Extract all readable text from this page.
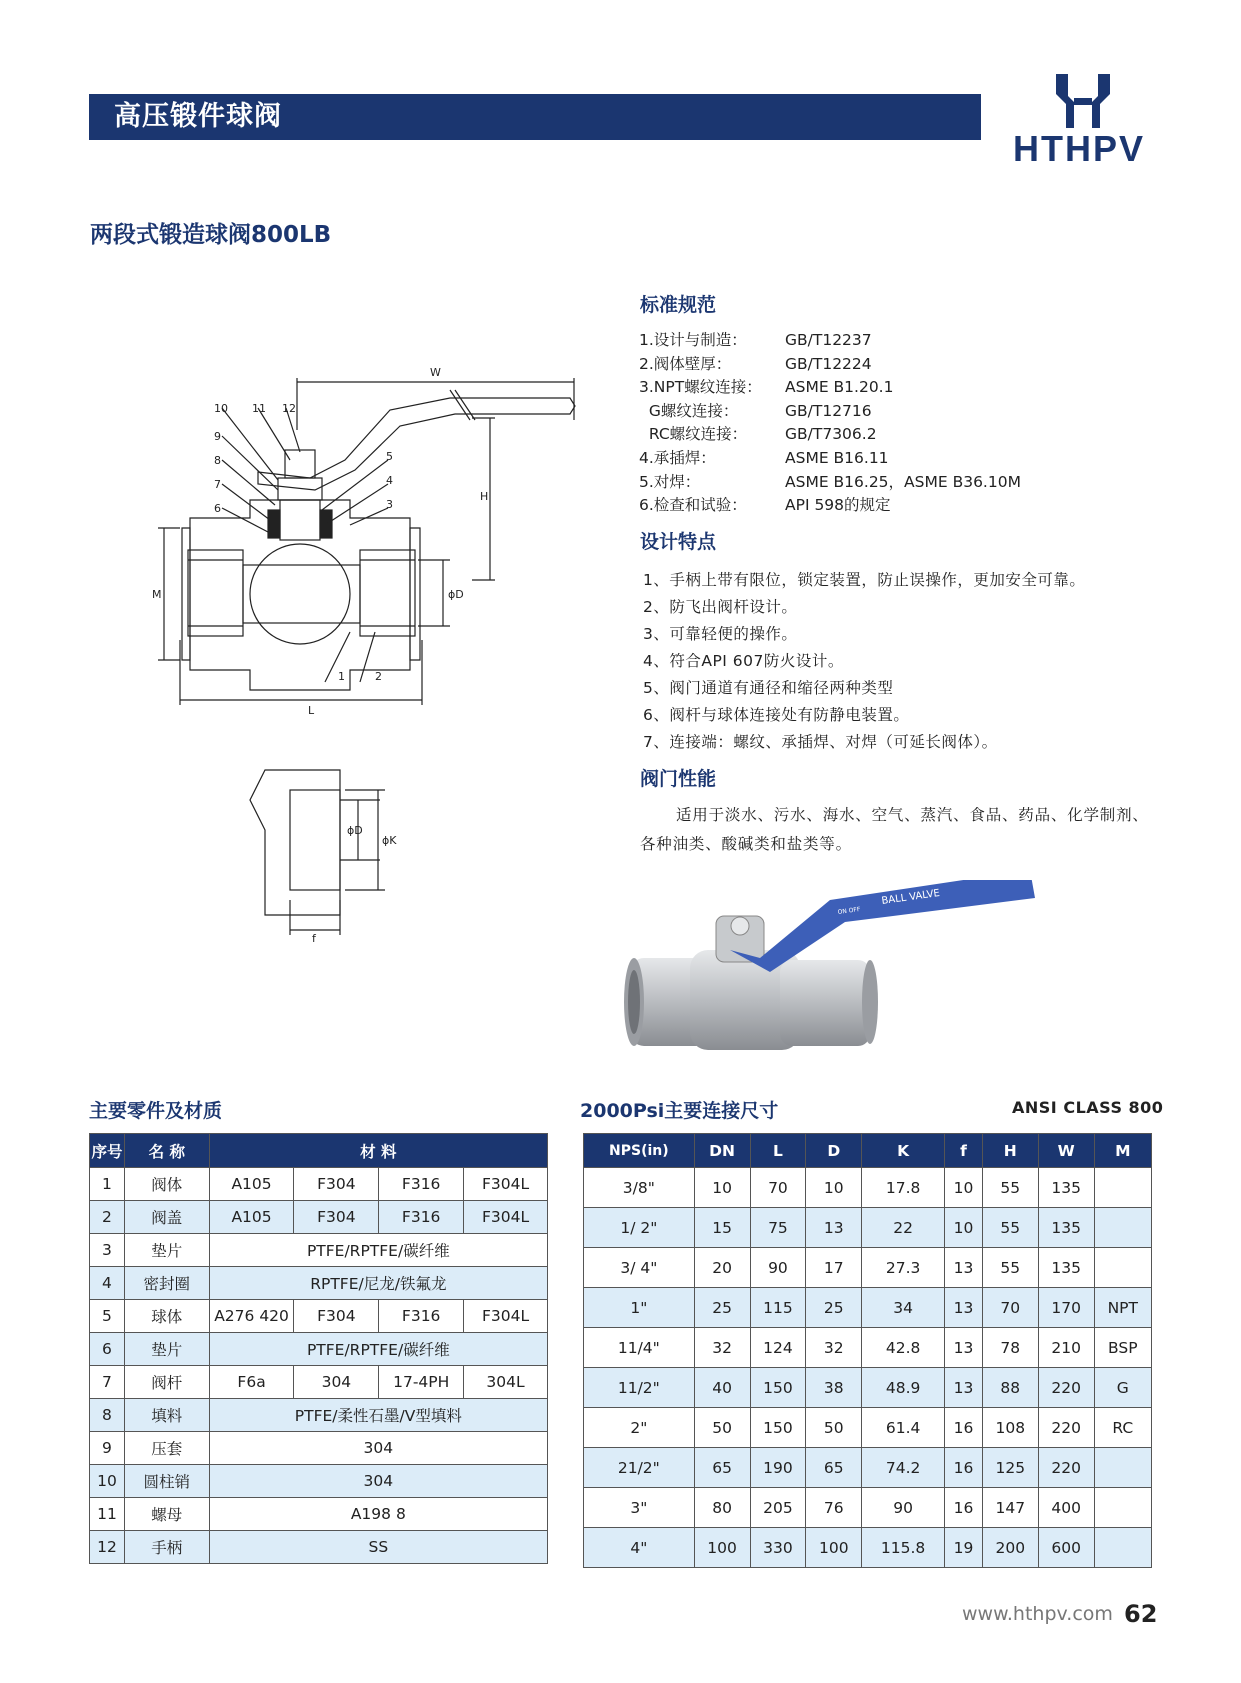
高压锻件球阀
HTHPV
两段式锻造球阀800LB
10 11 12
9
8
7
6
5
4
3
1	2
W
H
M	ϕD
L
ϕD
ϕK
f
标准规范
1.设计与制造： GB/T12237
2.阀体壁厚：	GB/T12224
3.NPT螺纹连接： ASME B1.20.1
G螺纹连接：	GB/T12716
RC螺纹连接： GB/T7306.2
4.承插焊：	ASME B16.11
5.对焊：	ASME B16.25，ASME B36.10M
6.检查和试验： API 598的规定
设计特点
1、手柄上带有限位，锁定装置，防止误操作，更加安全可靠。
2、防飞出阀杆设计。
3、可靠轻便的操作。
4、符合API 607防火设计。
5、阀门通道有通径和缩径两种类型
6、阀杆与球体连接处有防静电装置。
7、连接端：螺纹、承插焊、对焊（可延长阀体）。
阀门性能
适用于淡水、污水、海水、空气、蒸汽、食品、药品、化学制剂、各种油类、酸碱类和盐类等。
BALL VALVE
ON OFF
主要零件及材质
序号	名 称	材 料			
1	阀体	A105	F304	F316	F304L
2	阀盖	A105	F304	F316	F304L
3	垫片	PTFE/RPTFE/碳纤维			
4	密封圈	RPTFE/尼龙/铁氟龙			
5	球体	A276 420	F304	F316	F304L
6	垫片	PTFE/RPTFE/碳纤维			
7	阀杆	F6a	304	17-4PH	304L
8	填料	PTFE/柔性石墨/V型填料			
9	压套	304			
10	圆柱销	304			
11	螺母	A198 8			
12	手柄	SS			
2000Psi主要连接尺寸	ANSI CLASS 800
NPS(in)	DN	L	D	K	f	H	W	M
3/8"	10	70	10	17.8	10	55	135	
1/ 2"	15	75	13	22	10	55	135	
3/ 4"	20	90	17	27.3	13	55	135	
1"	25	115	25	34	13	70	170	NPT
11/4"	32	124	32	42.8	13	78	210	BSP
11/2"	40	150	38	48.9	13	88	220	G
2"	50	150	50	61.4	16	108	220	RC
21/2"	65	190	65	74.2	16	125	220	
3"	80	205	76	90	16	147	400	
4"	100	330	100	115.8	19	200	600	
www.hthpv.com 62
